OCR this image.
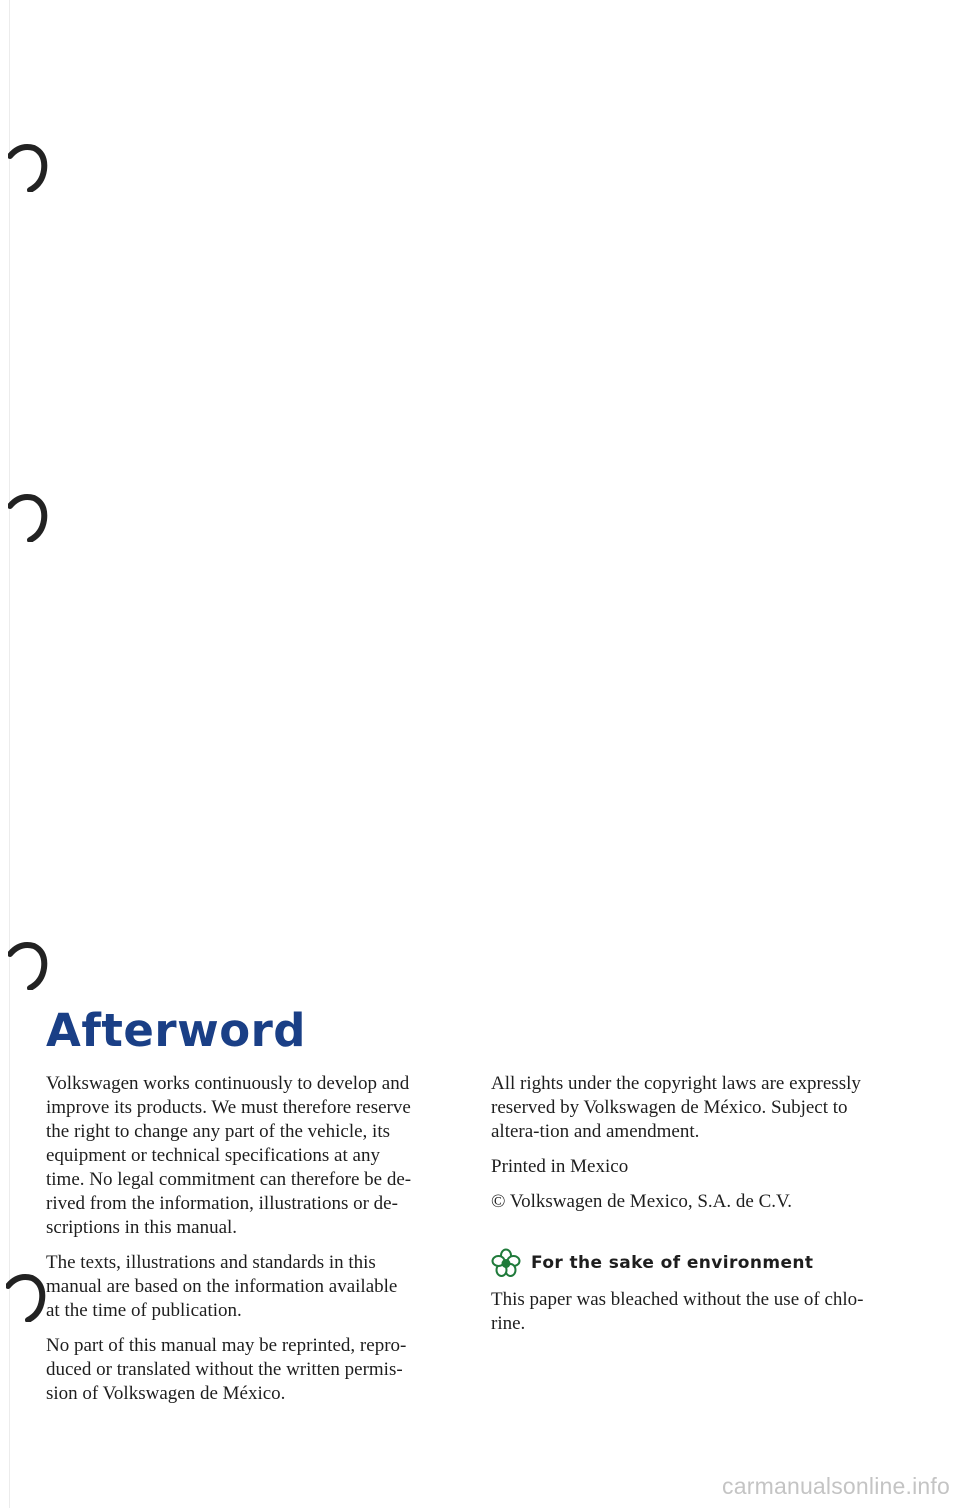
Afterword

Volkswagen works continuously to develop and
improve its products. We must therefore reserve
the right to change any part of the vehicle, its
equipment or technical specifications at any
time. No legal commitment can therefore be de-
rived from the information, illustrations or de-
scriptions in this manual.

The texts, illustrations and standards in this
manual are based on the information available
at the time of publication.

No part of this manual may be reprinted, repro-
duced or translated without the written permis-
sion of Volkswagen de México.

All rights under the copyright laws are expressly
reserved by Volkswagen de México. Subject to
altera-tion and amendment.

Printed in Mexico

© Volkswagen de Mexico, S.A. de C.V.

For the sake of environment

This paper was bleached without the use of chlo-
rine.

carmanualsonline.info
